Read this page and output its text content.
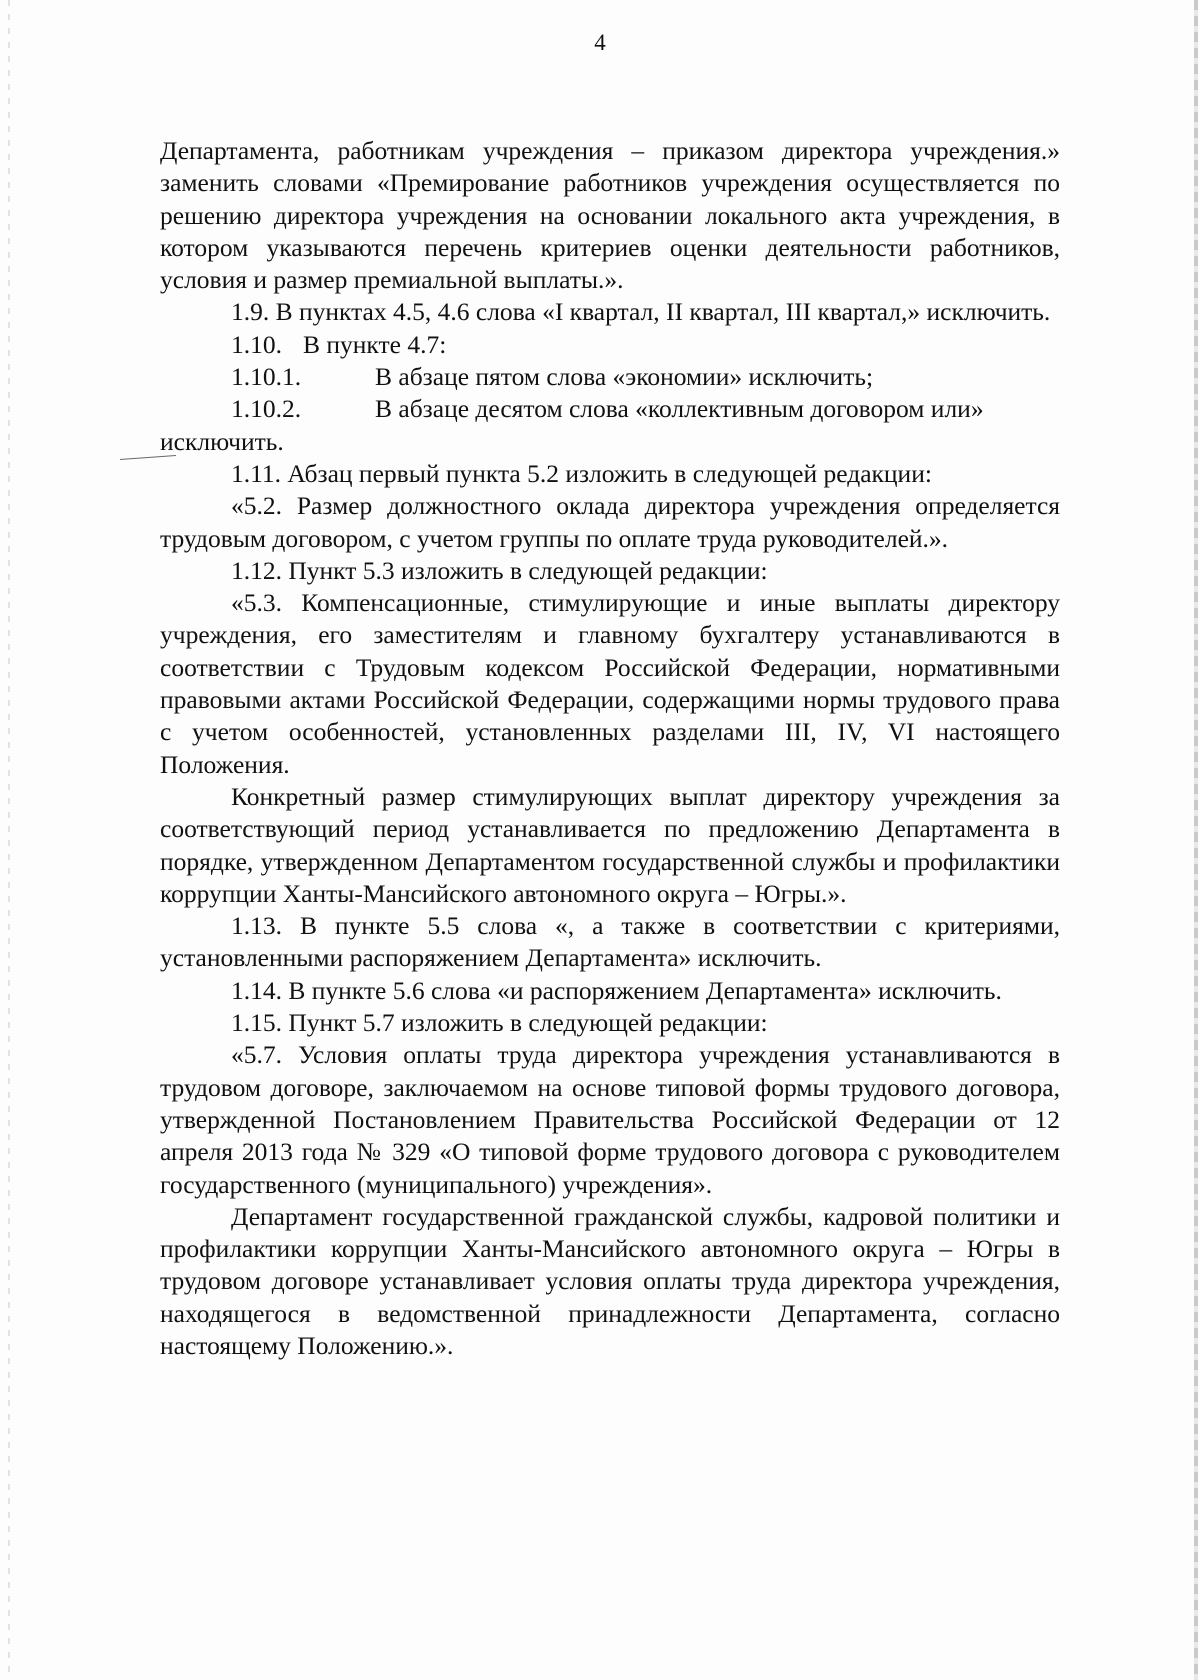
4

Департамента, работникам учреждения – приказом директора учреждения.» заменить словами «Премирование работников учреждения осуществляется по решению директора учреждения на основании локального акта учреждения, в котором указываются перечень критериев оценки деятельности работников, условия и размер премиальной выплаты.».

1.9. В пунктах 4.5, 4.6 слова «I квартал, II квартал, III квартал,» исключить.

1.10. В пункте 4.7:
1.10.1.	В абзаце пятом слова «экономии» исключить;
1.10.2.	В абзаце десятом слова «коллективным договором или»

исключить.

1.11. Абзац первый пункта 5.2 изложить в следующей редакции:

«5.2. Размер должностного оклада директора учреждения определяется трудовым договором, с учетом группы по оплате труда руководителей.».

1.12. Пункт 5.3 изложить в следующей редакции:

«5.3. Компенсационные, стимулирующие и иные выплаты директору учреждения, его заместителям и главному бухгалтеру устанавливаются в соответствии с Трудовым кодексом Российской Федерации, нормативными правовыми актами Российской Федерации, содержащими нормы трудового права с учетом особенностей, установленных разделами III, IV, VI настоящего Положения.

Конкретный размер стимулирующих выплат директору учреждения за соответствующий период устанавливается по предложению Департамента в порядке, утвержденном Департаментом государственной службы и профилактики коррупции Ханты-Мансийского автономного округа – Югры.».

1.13. В пункте 5.5 слова «, а также в соответствии с критериями, установленными распоряжением Департамента» исключить.

1.14. В пункте 5.6 слова «и распоряжением Департамента» исключить.

1.15. Пункт 5.7 изложить в следующей редакции:

«5.7. Условия оплаты труда директора учреждения устанавливаются в трудовом договоре, заключаемом на основе типовой формы трудового договора, утвержденной Постановлением Правительства Российской Федерации от 12 апреля 2013 года № 329 «О типовой форме трудового договора с руководителем государственного (муниципального) учреждения».

Департамент государственной гражданской службы, кадровой политики и профилактики коррупции Ханты-Мансийского автономного округа – Югры в трудовом договоре устанавливает условия оплаты труда директора учреждения, находящегося в ведомственной принадлежности Департамента, согласно настоящему Положению.».
